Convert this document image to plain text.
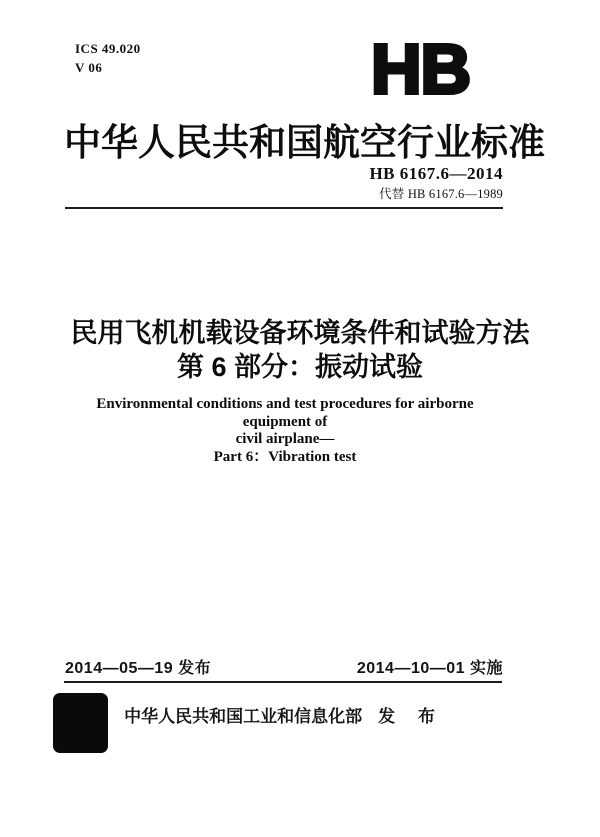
ICS 49.020
V 06	HB
中华人民共和国航空行业标准
HB 6167.6—2014
代替 HB 6167.6—1989
民用飞机机载设备环境条件和试验方法
第 6 部分：振动试验
Environmental conditions and test procedures for airborne equipment of
civil airplane—
Part 6：Vibration test
2014—05—19 发布	2014—10—01 实施
中华人民共和国工业和信息化部 发 布
